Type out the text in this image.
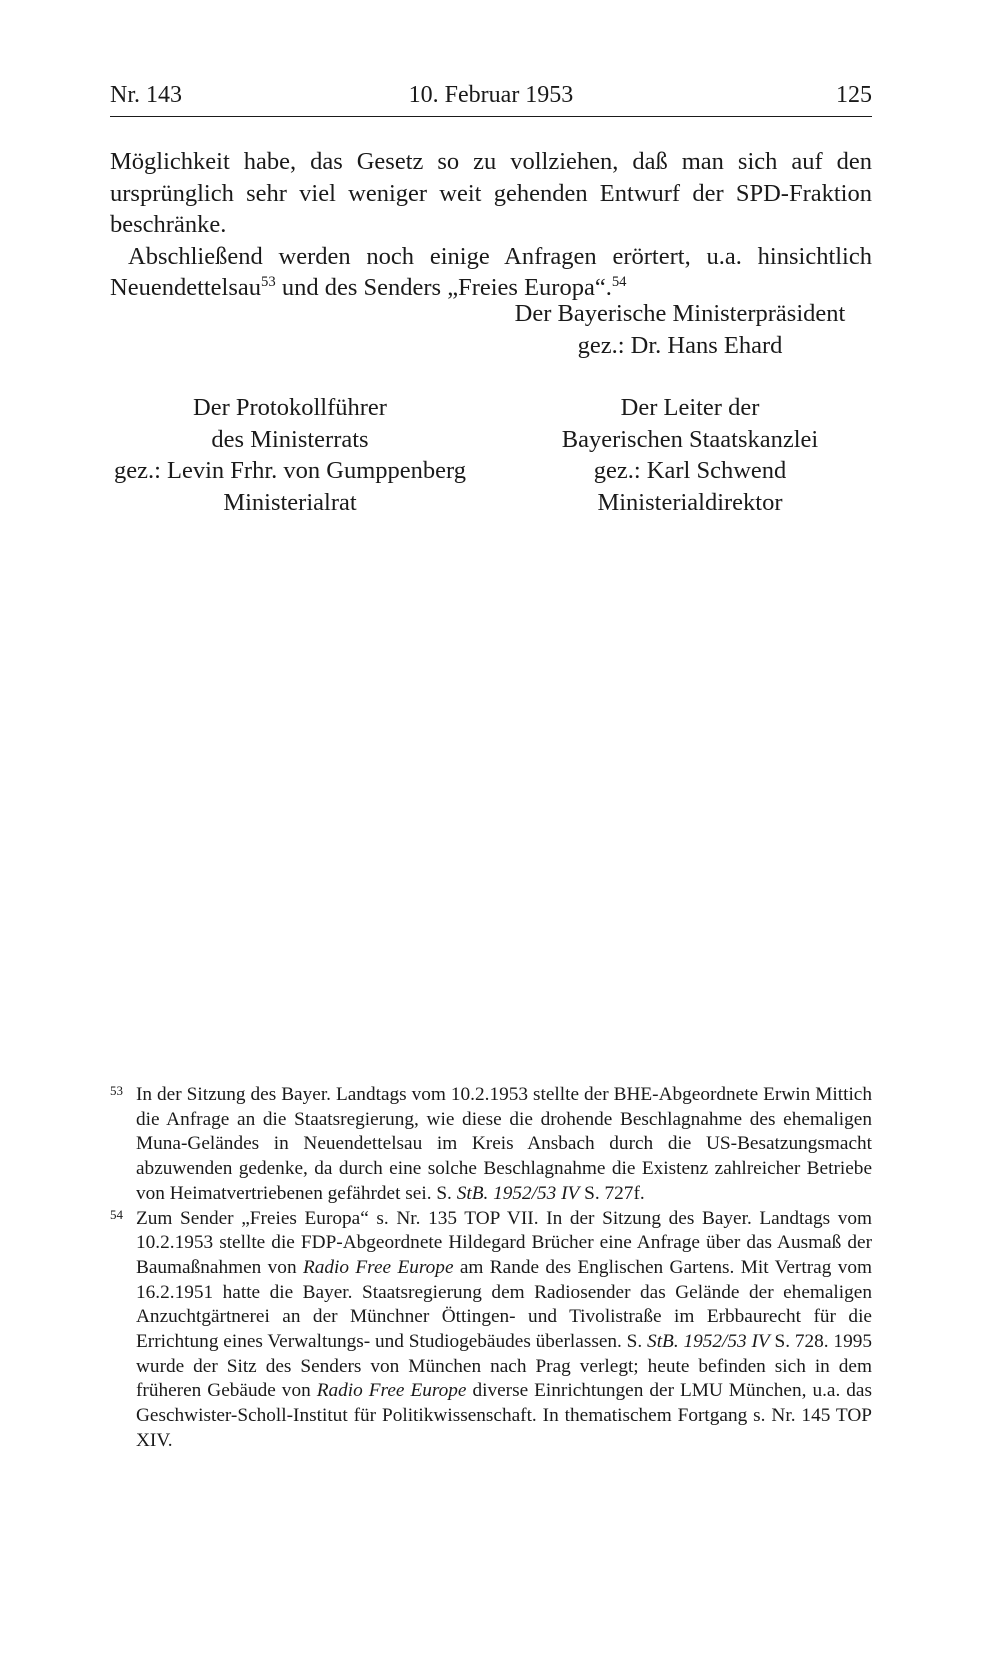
Nr. 143	10. Februar 1953	125

Möglichkeit habe, das Gesetz so zu vollziehen, daß man sich auf den ursprünglich sehr viel weniger weit gehenden Entwurf der SPD-Fraktion beschränke.

Abschließend werden noch einige Anfragen erörtert, u.a. hinsichtlich Neuendettelsau$^{53}$ und des Senders „Freies Europa“.$^{54}$

Der Bayerische Ministerpräsident
gez.: Dr. Hans Ehard
Der Protokollführer
des Ministerrats
gez.: Levin Frhr. von Gumppenberg
Ministerialrat
Der Leiter der
Bayerischen Staatskanzlei
gez.: Karl Schwend
Ministerialdirektor

53 In der Sitzung des Bayer. Landtags vom 10.2.1953 stellte der BHE-Abgeordnete Erwin Mittich die Anfrage an die Staatsregierung, wie diese die drohende Beschlagnahme des ehemaligen Muna-Geländes in Neuendettelsau im Kreis Ansbach durch die US-Besatzungsmacht abzuwenden gedenke, da durch eine solche Beschlagnahme die Existenz zahlreicher Betriebe von Heimatvertriebenen gefährdet sei. S. StB. 1952/53 IV S. 727f.

54 Zum Sender „Freies Europa“ s. Nr. 135 TOP VII. In der Sitzung des Bayer. Landtags vom 10.2.1953 stellte die FDP-Abgeordnete Hildegard Brücher eine Anfrage über das Ausmaß der Baumaßnahmen von Radio Free Europe am Rande des Englischen Gartens. Mit Vertrag vom 16.2.1951 hatte die Bayer. Staatsregierung dem Radiosender das Gelände der ehemaligen Anzuchtgärtnerei an der Münchner Öttingen- und Tivolistraße im Erbbaurecht für die Errichtung eines Verwaltungs- und Studiogebäudes überlassen. S. StB. 1952/53 IV S. 728. 1995 wurde der Sitz des Senders von München nach Prag verlegt; heute befinden sich in dem früheren Gebäude von Radio Free Europe diverse Einrichtungen der LMU München, u.a. das Geschwister-Scholl-Institut für Politikwissenschaft. In thematischem Fortgang s. Nr. 145 TOP XIV.
